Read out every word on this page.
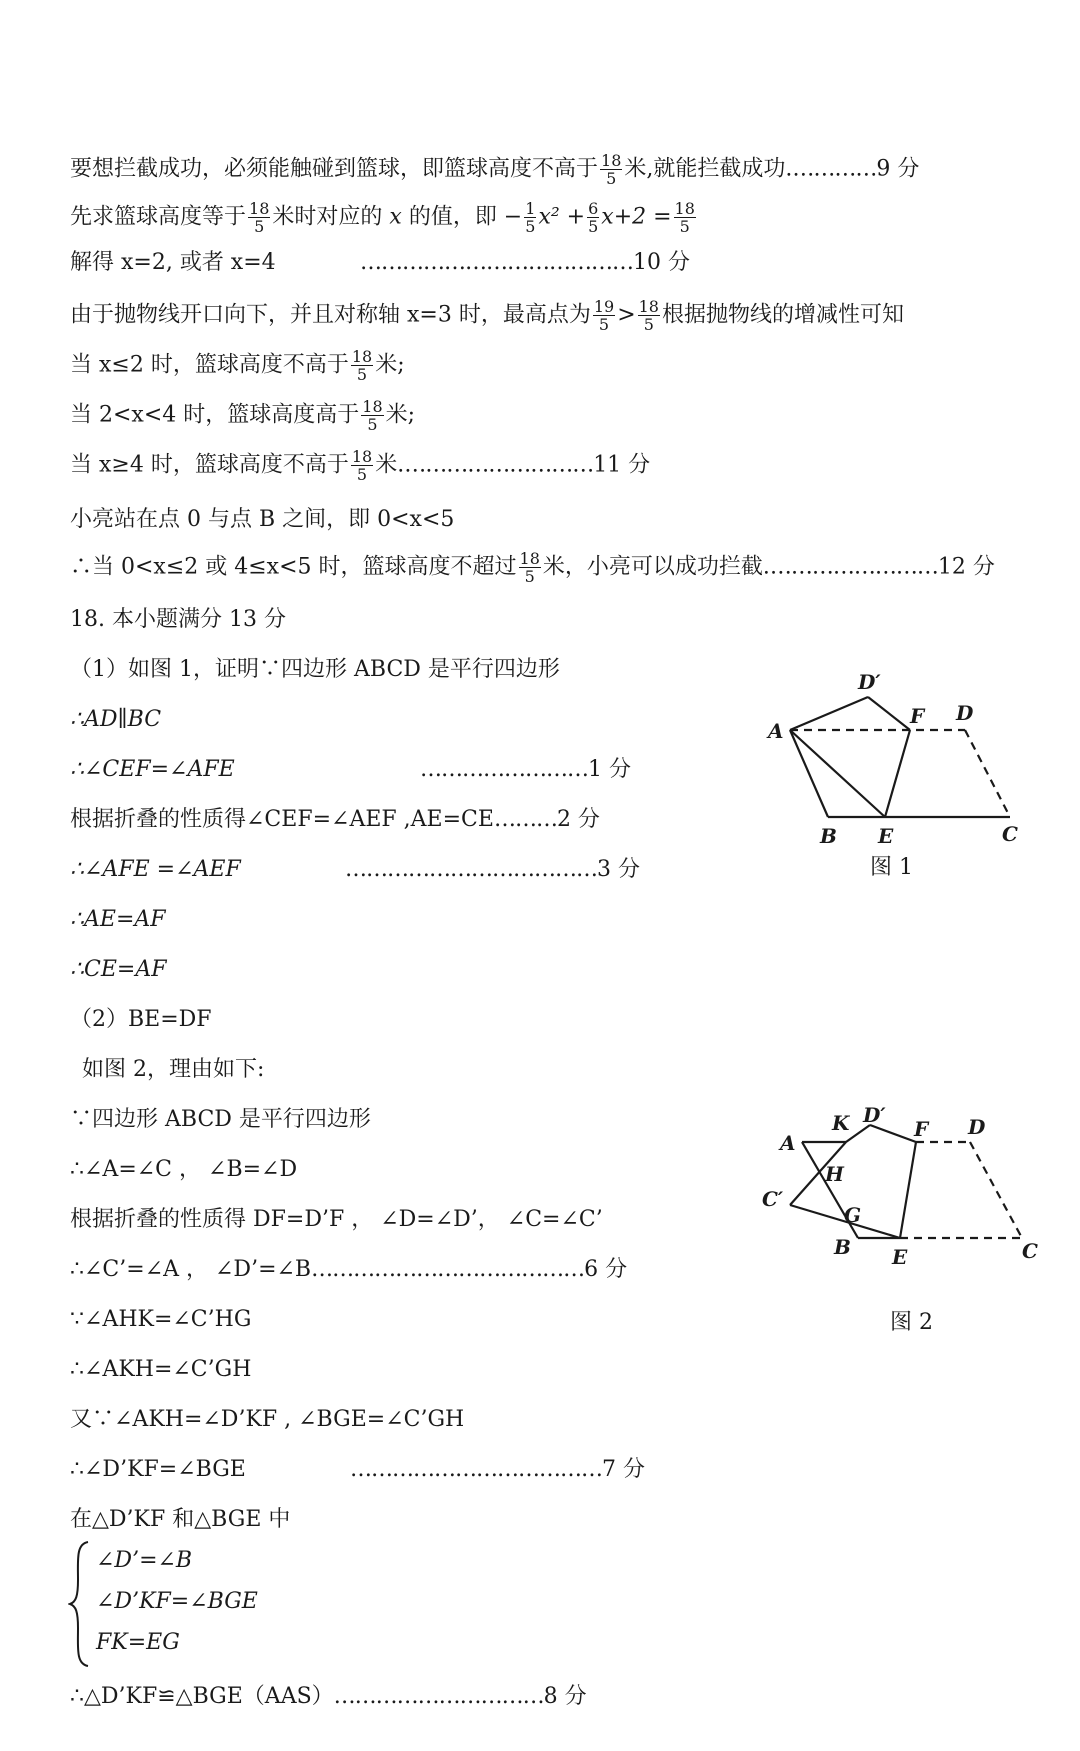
要想拦截成功，必须能触碰到篮球，即篮球高度不高于 $\frac{18}{5}$ 米,就能拦截成功.…………9 分
先求篮球高度等于 $\frac{18}{5}$ 米时对应的 x 的值，即 − $\frac{1}{5} x^2 + \frac{6}{5} x+2 = \frac{18}{5}$
解得 x=2, 或者 x=4	…………………………………10 分
由于抛物线开口向下，并且对称轴 x=3 时，最高点为 $\frac{19}{5} > \frac{18}{5}$ 根据抛物线的增减性可知
当 x≤2 时，篮球高度不高于 $\frac{18}{5}$ 米;
当 2<x<4 时，篮球高度高于 $\frac{18}{5}$ 米;
当 x≥4 时，篮球高度不高于 $\frac{18}{5}$ 米.………………………11 分
小亮站在点 0 与点 B 之间，即 0<x<5
∴当 0<x≤2 或 4≤x<5 时，篮球高度不超过 $\frac{18}{5}$ 米，小亮可以成功拦截.……………………12 分
18. 本小题满分 13 分
（1）如图 1，证明∵四边形 ABCD 是平行四边形
∴AD∥BC
∴∠CEF=∠AFE	……………………1 分
根据折叠的性质得∠CEF=∠AEF ,AE=CE………2 分
∴∠AFE =∠AEF	………………………………3 分
∴AE=AF
∴CE=AF
（2）BE=DF
如图 2，理由如下:
∵四边形 ABCD 是平行四边形
∴∠A=∠C ， ∠B=∠D
根据折叠的性质得 DF=D’F ， ∠D=∠D’， ∠C=∠C’
∴∠C’=∠A ， ∠D’=∠B…………………………………6 分
∵∠AHK=∠C’HG
∴∠AKH=∠C’GH
又∵∠AKH=∠D’KF , ∠BGE=∠C’GH
∴∠D’KF=∠BGE	………………………………7 分
在△D’KF 和△BGE 中
∠D’=∠B
∠D’KF=∠BGE
FK=EG
∴△D’KF≌△BGE（AAS）…………………………8 分
A
B E	C
D′
F D
图 1
A
K D′
F D
H
C′
G
B E	C
图 2
